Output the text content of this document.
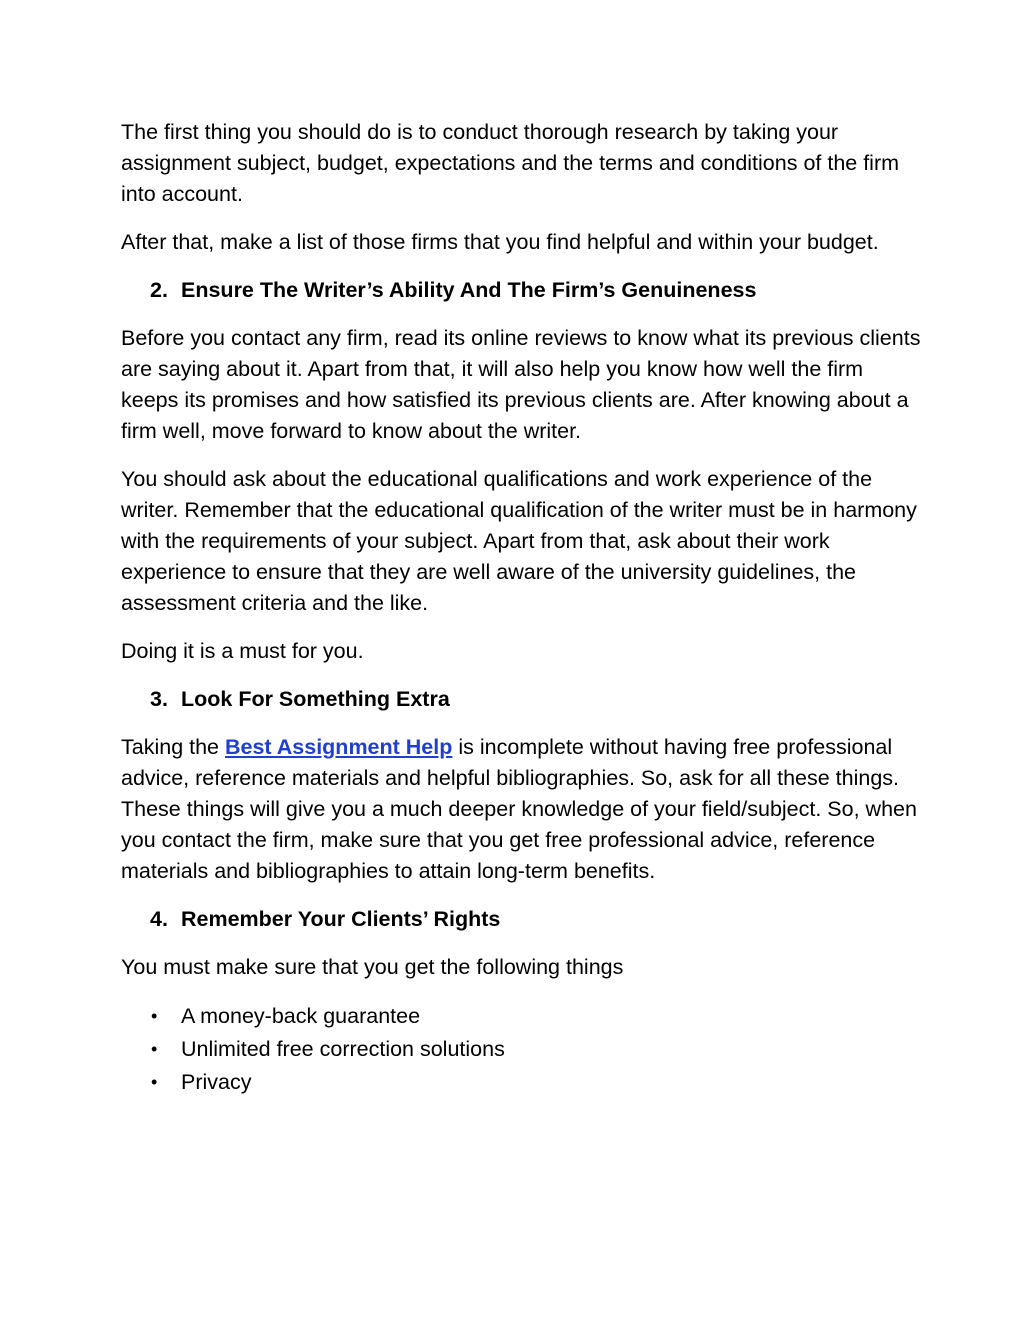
The first thing you should do is to conduct thorough research by taking your assignment subject, budget, expectations and the terms and conditions of the firm into account.

After that, make a list of those firms that you find helpful and within your budget.

2. Ensure The Writer’s Ability And The Firm’s Genuineness

Before you contact any firm, read its online reviews to know what its previous clients are saying about it. Apart from that, it will also help you know how well the firm keeps its promises and how satisfied its previous clients are. After knowing about a firm well, move forward to know about the writer.

You should ask about the educational qualifications and work experience of the writer. Remember that the educational qualification of the writer must be in harmony with the requirements of your subject. Apart from that, ask about their work experience to ensure that they are well aware of the university guidelines, the assessment criteria and the like.

Doing it is a must for you.

3. Look For Something Extra

Taking the Best Assignment Help is incomplete without having free professional advice, reference materials and helpful bibliographies. So, ask for all these things. These things will give you a much deeper knowledge of your field/subject. So, when you contact the firm, make sure that you get free professional advice, reference materials and bibliographies to attain long-term benefits.

4. Remember Your Clients’ Rights

You must make sure that you get the following things

• A money-back guarantee
• Unlimited free correction solutions
• Privacy
